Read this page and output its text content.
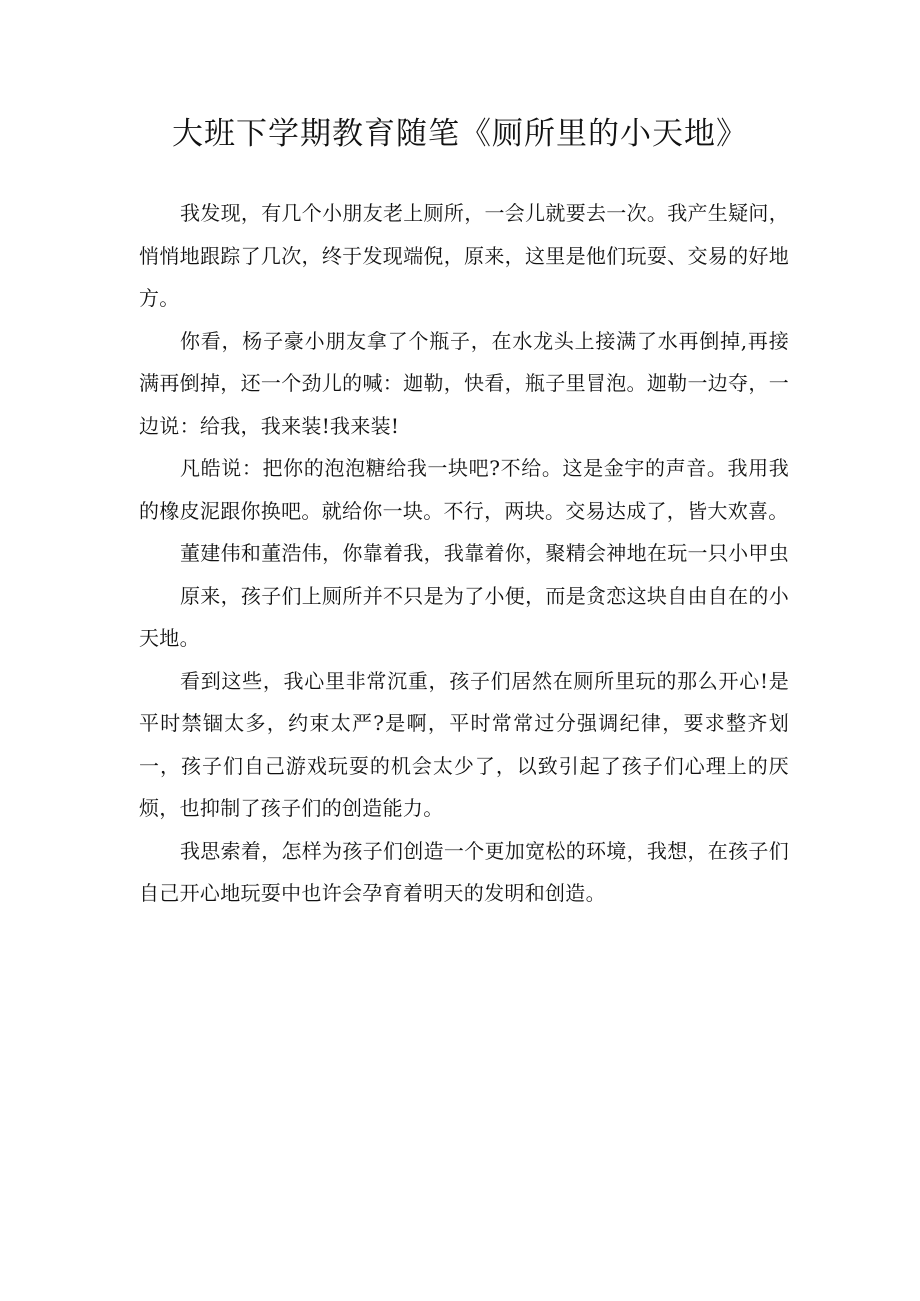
大班下学期教育随笔《厕所里的小天地》

我发现，有几个小朋友老上厕所，一会儿就要去一次。我产生疑问，悄悄地跟踪了几次，终于发现端倪，原来，这里是他们玩耍、交易的好地方。

你看，杨子豪小朋友拿了个瓶子，在水龙头上接满了水再倒掉,再接满再倒掉，还一个劲儿的喊：迦勒，快看，瓶子里冒泡。迦勒一边夺，一边说：给我，我来装!我来装!

凡皓说：把你的泡泡糖给我一块吧?不给。这是金宇的声音。我用我的橡皮泥跟你换吧。就给你一块。不行，两块。交易达成了，皆大欢喜。

董建伟和董浩伟，你靠着我，我靠着你，聚精会神地在玩一只小甲虫

原来，孩子们上厕所并不只是为了小便，而是贪恋这块自由自在的小天地。

看到这些，我心里非常沉重，孩子们居然在厕所里玩的那么开心!是平时禁锢太多，约束太严?是啊，平时常常过分强调纪律，要求整齐划一，孩子们自己游戏玩耍的机会太少了，以致引起了孩子们心理上的厌烦，也抑制了孩子们的创造能力。

我思索着，怎样为孩子们创造一个更加宽松的环境，我想，在孩子们自己开心地玩耍中也许会孕育着明天的发明和创造。
